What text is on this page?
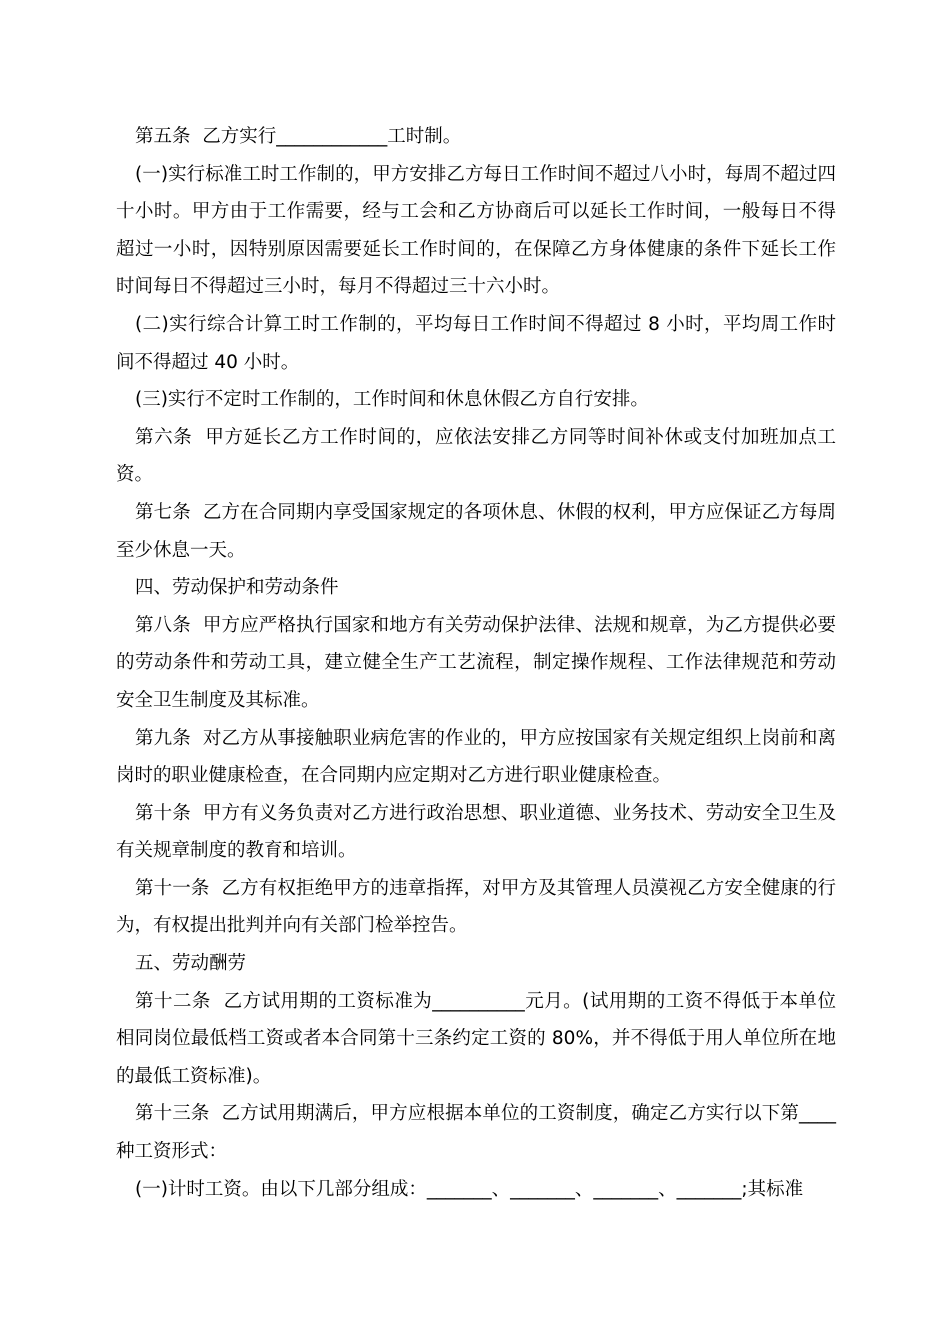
第五条  乙方实行____________工时制。

(一)实行标准工时工作制的，甲方安排乙方每日工作时间不超过八小时，每周不超过四十小时。甲方由于工作需要，经与工会和乙方协商后可以延长工作时间，一般每日不得超过一小时，因特别原因需要延长工作时间的，在保障乙方身体健康的条件下延长工作时间每日不得超过三小时，每月不得超过三十六小时。

(二)实行综合计算工时工作制的，平均每日工作时间不得超过 8 小时，平均周工作时间不得超过 40 小时。

(三)实行不定时工作制的，工作时间和休息休假乙方自行安排。

第六条  甲方延长乙方工作时间的，应依法安排乙方同等时间补休或支付加班加点工资。

第七条  乙方在合同期内享受国家规定的各项休息、休假的权利，甲方应保证乙方每周至少休息一天。

四、劳动保护和劳动条件

第八条  甲方应严格执行国家和地方有关劳动保护法律、法规和规章，为乙方提供必要的劳动条件和劳动工具，建立健全生产工艺流程，制定操作规程、工作法律规范和劳动安全卫生制度及其标准。

第九条  对乙方从事接触职业病危害的作业的，甲方应按国家有关规定组织上岗前和离岗时的职业健康检查，在合同期内应定期对乙方进行职业健康检查。

第十条  甲方有义务负责对乙方进行政治思想、职业道德、业务技术、劳动安全卫生及有关规章制度的教育和培训。

第十一条  乙方有权拒绝甲方的违章指挥，对甲方及其管理人员漠视乙方安全健康的行为，有权提出批判并向有关部门检举控告。

五、劳动酬劳

第十二条  乙方试用期的工资标准为__________元月。(试用期的工资不得低于本单位相同岗位最低档工资或者本合同第十三条约定工资的 80%，并不得低于用人单位所在地的最低工资标准)。

第十三条  乙方试用期满后，甲方应根据本单位的工资制度，确定乙方实行以下第____种工资形式：

(一)计时工资。由以下几部分组成：_______、_______、_______、_______;其标准
